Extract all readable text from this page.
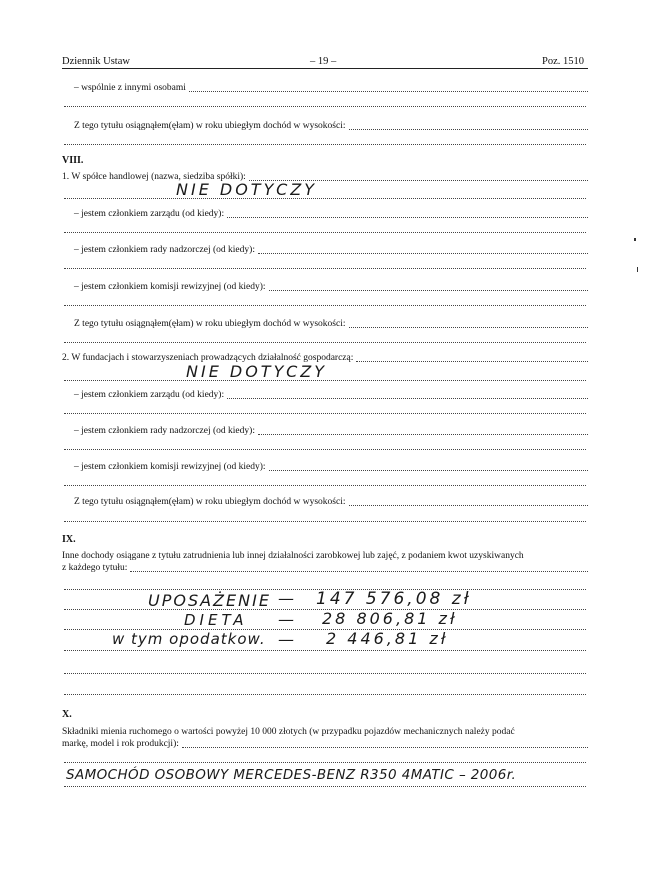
Dziennik Ustaw	– 19 –	Poz. 1510
– wspólnie z innymi osobami
Z tego tytułu osiągnąłem(ęłam) w roku ubiegłym dochód w wysokości:
VIII.
1. W spółce handlowej (nazwa, siedziba spółki):
NIE DOTYCZY
– jestem członkiem zarządu (od kiedy):
– jestem członkiem rady nadzorczej (od kiedy):
– jestem członkiem komisji rewizyjnej (od kiedy):
Z tego tytułu osiągnąłem(ęłam) w roku ubiegłym dochód w wysokości:
2. W fundacjach i stowarzyszeniach prowadzących działalność gospodarczą:
NIE DOTYCZY
– jestem członkiem zarządu (od kiedy):
– jestem członkiem rady nadzorczej (od kiedy):
– jestem członkiem komisji rewizyjnej (od kiedy):
Z tego tytułu osiągnąłem(ęłam) w roku ubiegłym dochód w wysokości:
IX.
Inne dochody osiągane z tytułu zatrudnienia lub innej działalności zarobkowej lub zajęć, z podaniem kwot uzyskiwanych
z każdego tytułu:
UPOSAŻENIE — 147 576,08 zł
DIETA — 28 806,81 zł
w tym opodatkow. — 2 446,81 zł
X.
Składniki mienia ruchomego o wartości powyżej 10 000 złotych (w przypadku pojazdów mechanicznych należy podać
markę, model i rok produkcji):
SAMOCHÓD OSOBOWY MERCEDES-BENZ R350 4MATIC – 2006r.
